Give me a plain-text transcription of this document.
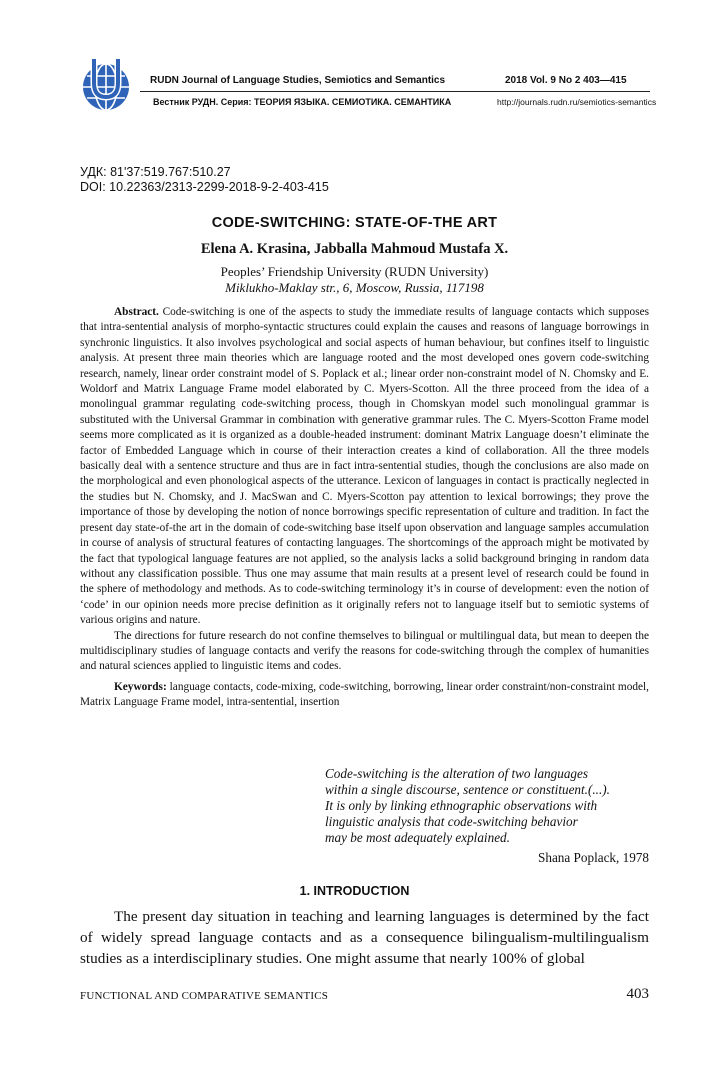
RUDN Journal of Language Studies, Semiotics and Semantics	2018 Vol. 9 No 2 403—415
Вестник РУДН. Серия: ТЕОРИЯ ЯЗЫКА. СЕМИОТИКА. СЕМАНТИКА	http://journals.rudn.ru/semiotics-semantics
УДК: 81'37:519.767:510.27
DOI: 10.22363/2313-2299-2018-9-2-403-415
CODE-SWITCHING: STATE-OF-THE ART
Elena A. Krasina, Jabballa Mahmoud Mustafa X.
Peoples’ Friendship University (RUDN University)
Miklukho-Maklay str., 6, Moscow, Russia, 117198

Abstract. Code-switching is one of the aspects to study the immediate results of language contacts which supposes that intra-sentential analysis of morpho-syntactic structures could explain the causes and reasons of language borrowings in synchronic linguistics. It also involves psychological and social aspects of human behaviour, but confines itself to linguistic analysis. At present three main theories which are language rooted and the most developed ones govern code-switching research, namely, linear order constraint model of S. Poplack et al.; linear order non-constraint model of N. Chomsky and E. Woldorf and Matrix Language Frame model elaborated by C. Myers-Scotton. All the three proceed from the idea of a monolingual grammar regulating code-switching process, though in Chomskyan model such monolingual grammar is substituted with the Universal Grammar in combination with generative grammar rules. The C. Myers-Scotton Frame model seems more complicated as it is organized as a double-headed instrument: dominant Matrix Language doesn’t eliminate the factor of Embedded Language which in course of their interaction creates a kind of collaboration. All the three models basically deal with a sentence structure and thus are in fact intra-sentential studies, though the conclusions are also made on the morphological and even phonological aspects of the utterance. Lexicon of languages in contact is practically neglected in the studies but N. Chomsky, and J. MacSwan and C. Myers-Scotton pay attention to lexical borrowings; they prove the importance of those by developing the notion of nonce borrowings specific representation of culture and tradition. In fact the present day state-of-the art in the domain of code-switching base itself upon observation and language samples accumulation in course of analysis of structural features of contacting languages. The shortcomings of the approach might be motivated by the fact that typological language features are not applied, so the analysis lacks a solid background bringing in random data without any classification possible. Thus one may assume that main results at a present level of research could be found in the sphere of methodology and methods. As to code-switching terminology it’s in course of development: even the notion of ‘code’ in our opinion needs more precise definition as it originally refers not to language itself but to semiotic systems of various origins and nature.

The directions for future research do not confine themselves to bilingual or multilingual data, but mean to deepen the multidisciplinary studies of language contacts and verify the reasons for code-switching through the complex of humanities and natural sciences applied to linguistic items and codes.

Keywords: language contacts, code-mixing, code-switching, borrowing, linear order constraint/non-constraint model, Matrix Language Frame model, intra-sentential, insertion

Code-switching is the alteration of two languages
within a single discourse, sentence or constituent.(...).
It is only by linking ethnographic observations with
linguistic analysis that code-switching behavior
may be most adequately explained.
Shana Poplack, 1978
1. INTRODUCTION

The present day situation in teaching and learning languages is determined by the fact of widely spread language contacts and as a consequence bilingualism-multilingualism studies as a interdisciplinary studies. One might assume that nearly 100% of global

FUNCTIONAL AND COMPARATIVE SEMANTICS	403
